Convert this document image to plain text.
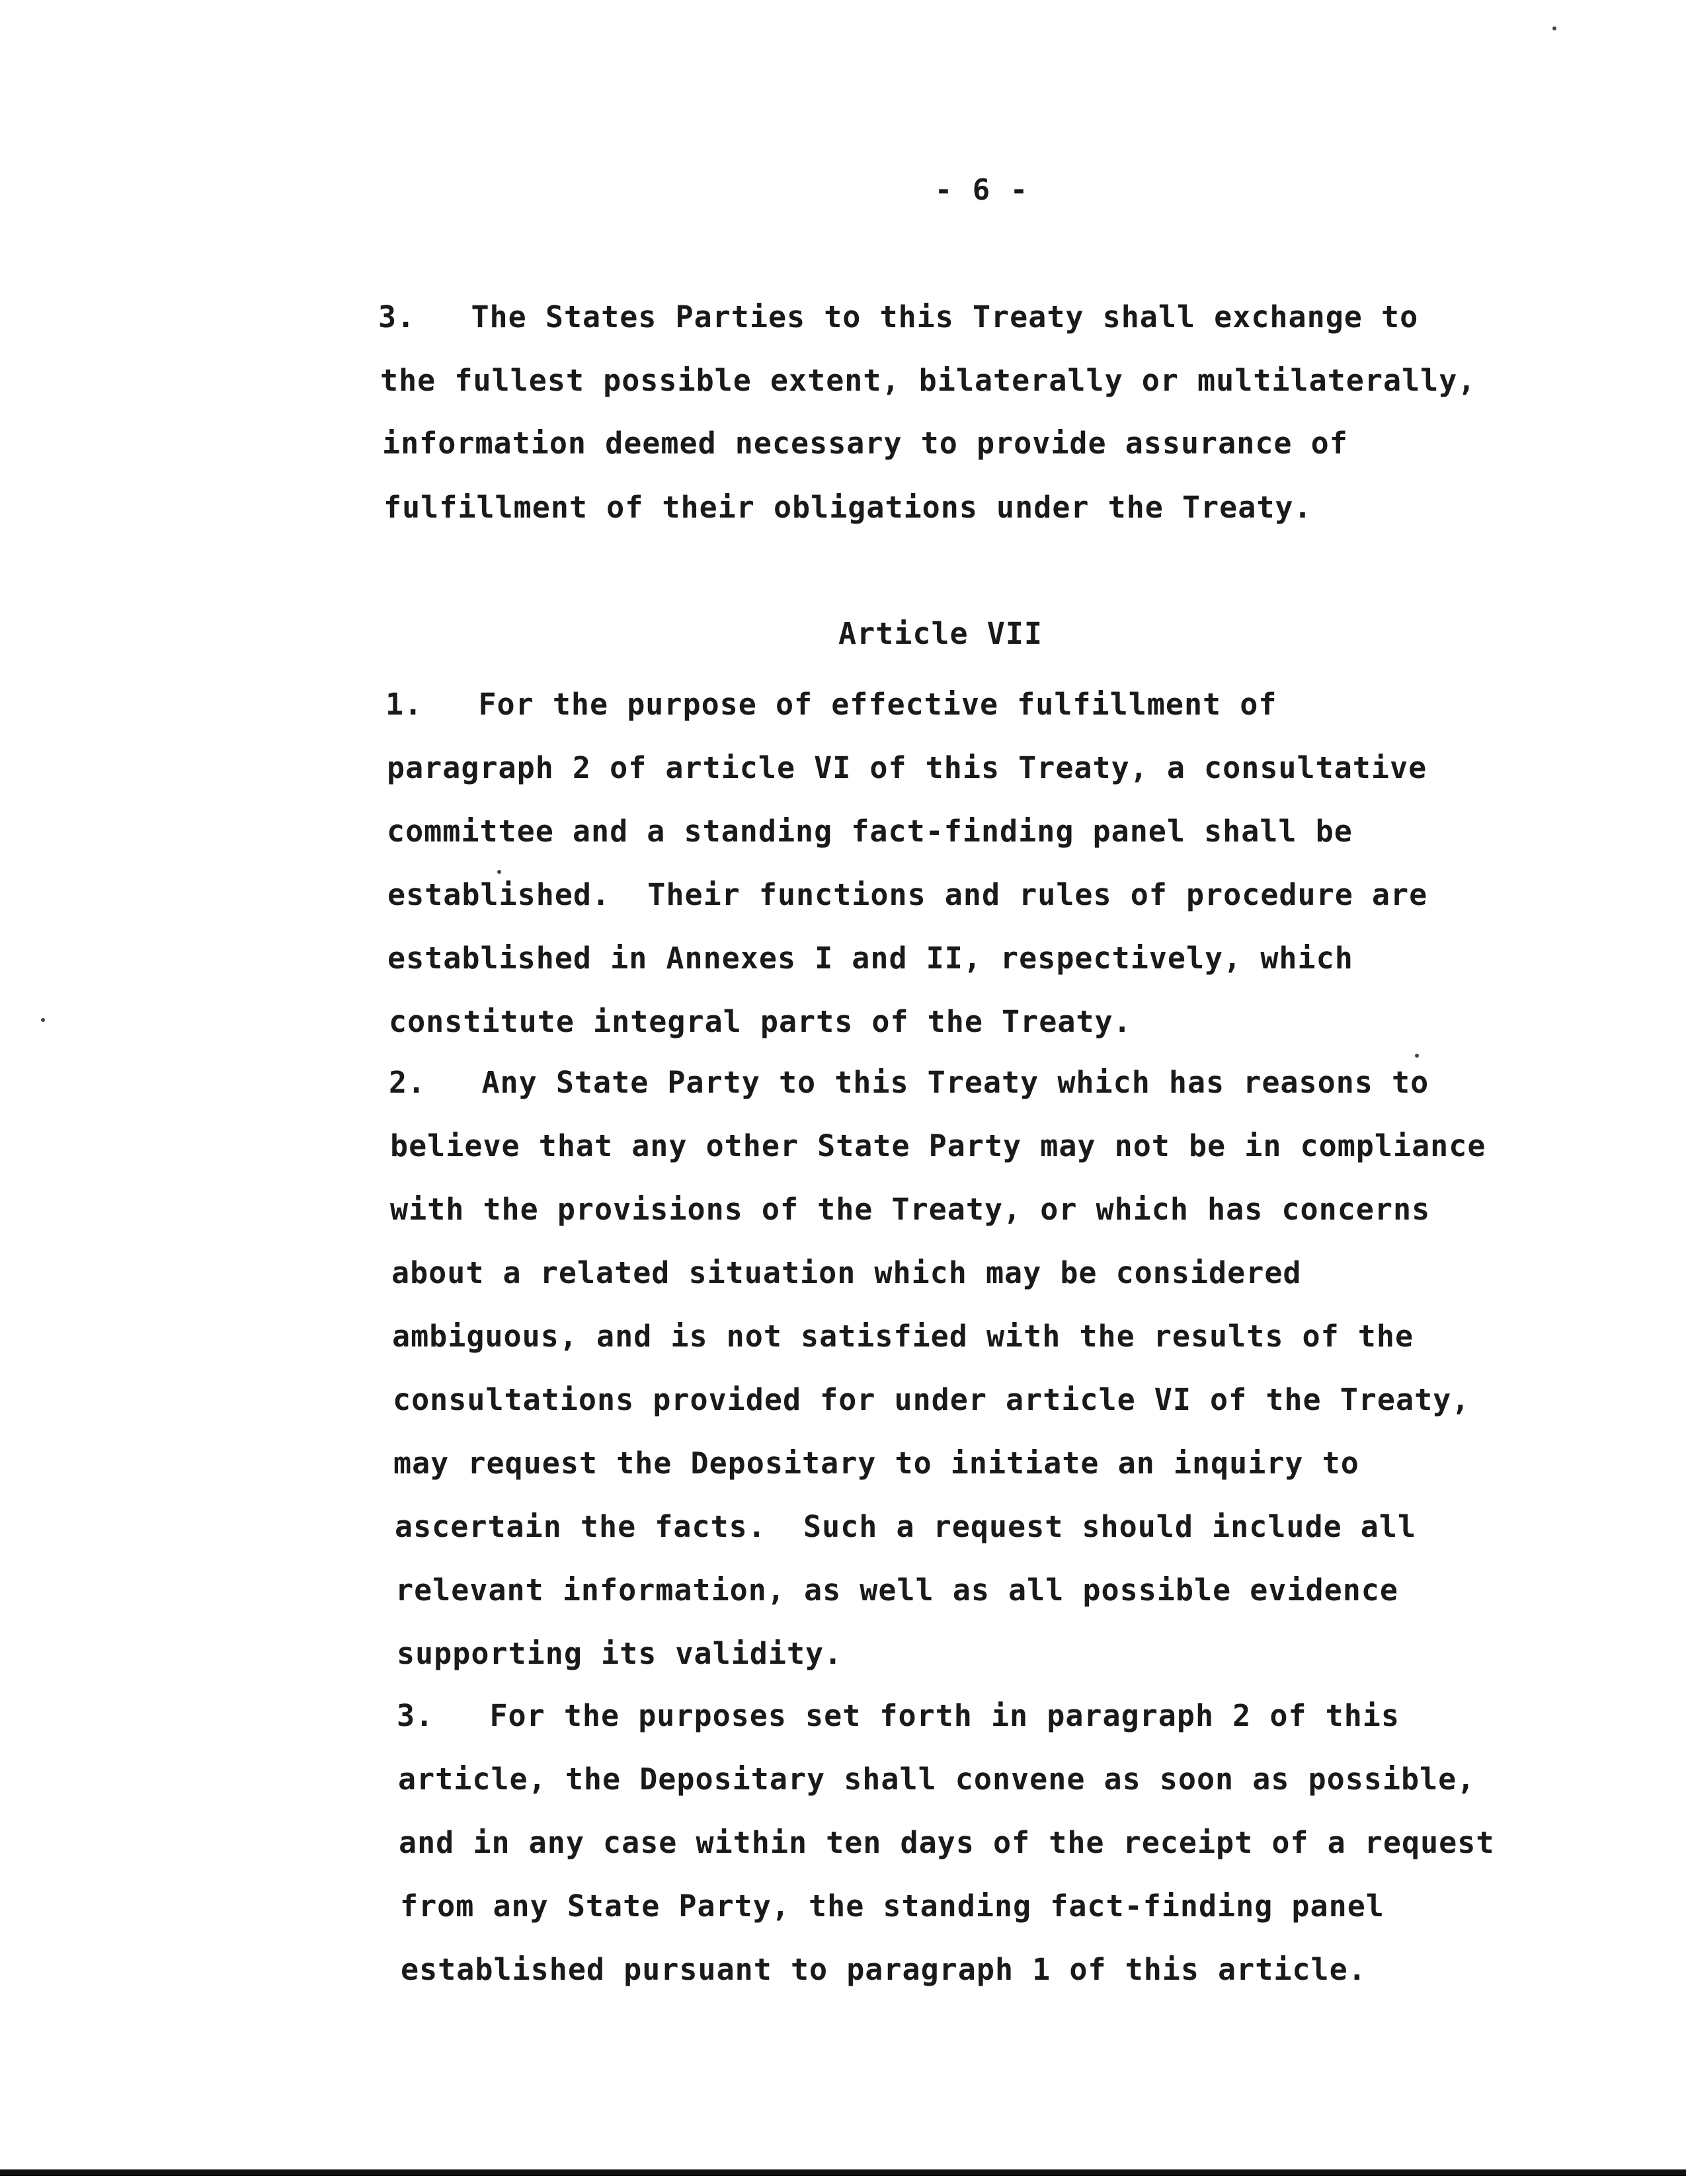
- 6 -
3.   The States Parties to this Treaty shall exchange to
the fullest possible extent, bilaterally or multilaterally,
information deemed necessary to provide assurance of
fulfillment of their obligations under the Treaty.
Article VII
1.   For the purpose of effective fulfillment of
paragraph 2 of article VI of this Treaty, a consultative
committee and a standing fact-finding panel shall be
established.  Their functions and rules of procedure are
established in Annexes I and II, respectively, which
constitute integral parts of the Treaty.
2.   Any State Party to this Treaty which has reasons to
believe that any other State Party may not be in compliance
with the provisions of the Treaty, or which has concerns
about a related situation which may be considered
ambiguous, and is not satisfied with the results of the
consultations provided for under article VI of the Treaty,
may request the Depositary to initiate an inquiry to
ascertain the facts.  Such a request should include all
relevant information, as well as all possible evidence
supporting its validity.
3.   For the purposes set forth in paragraph 2 of this
article, the Depositary shall convene as soon as possible,
and in any case within ten days of the receipt of a request
from any State Party, the standing fact-finding panel
established pursuant to paragraph 1 of this article.
